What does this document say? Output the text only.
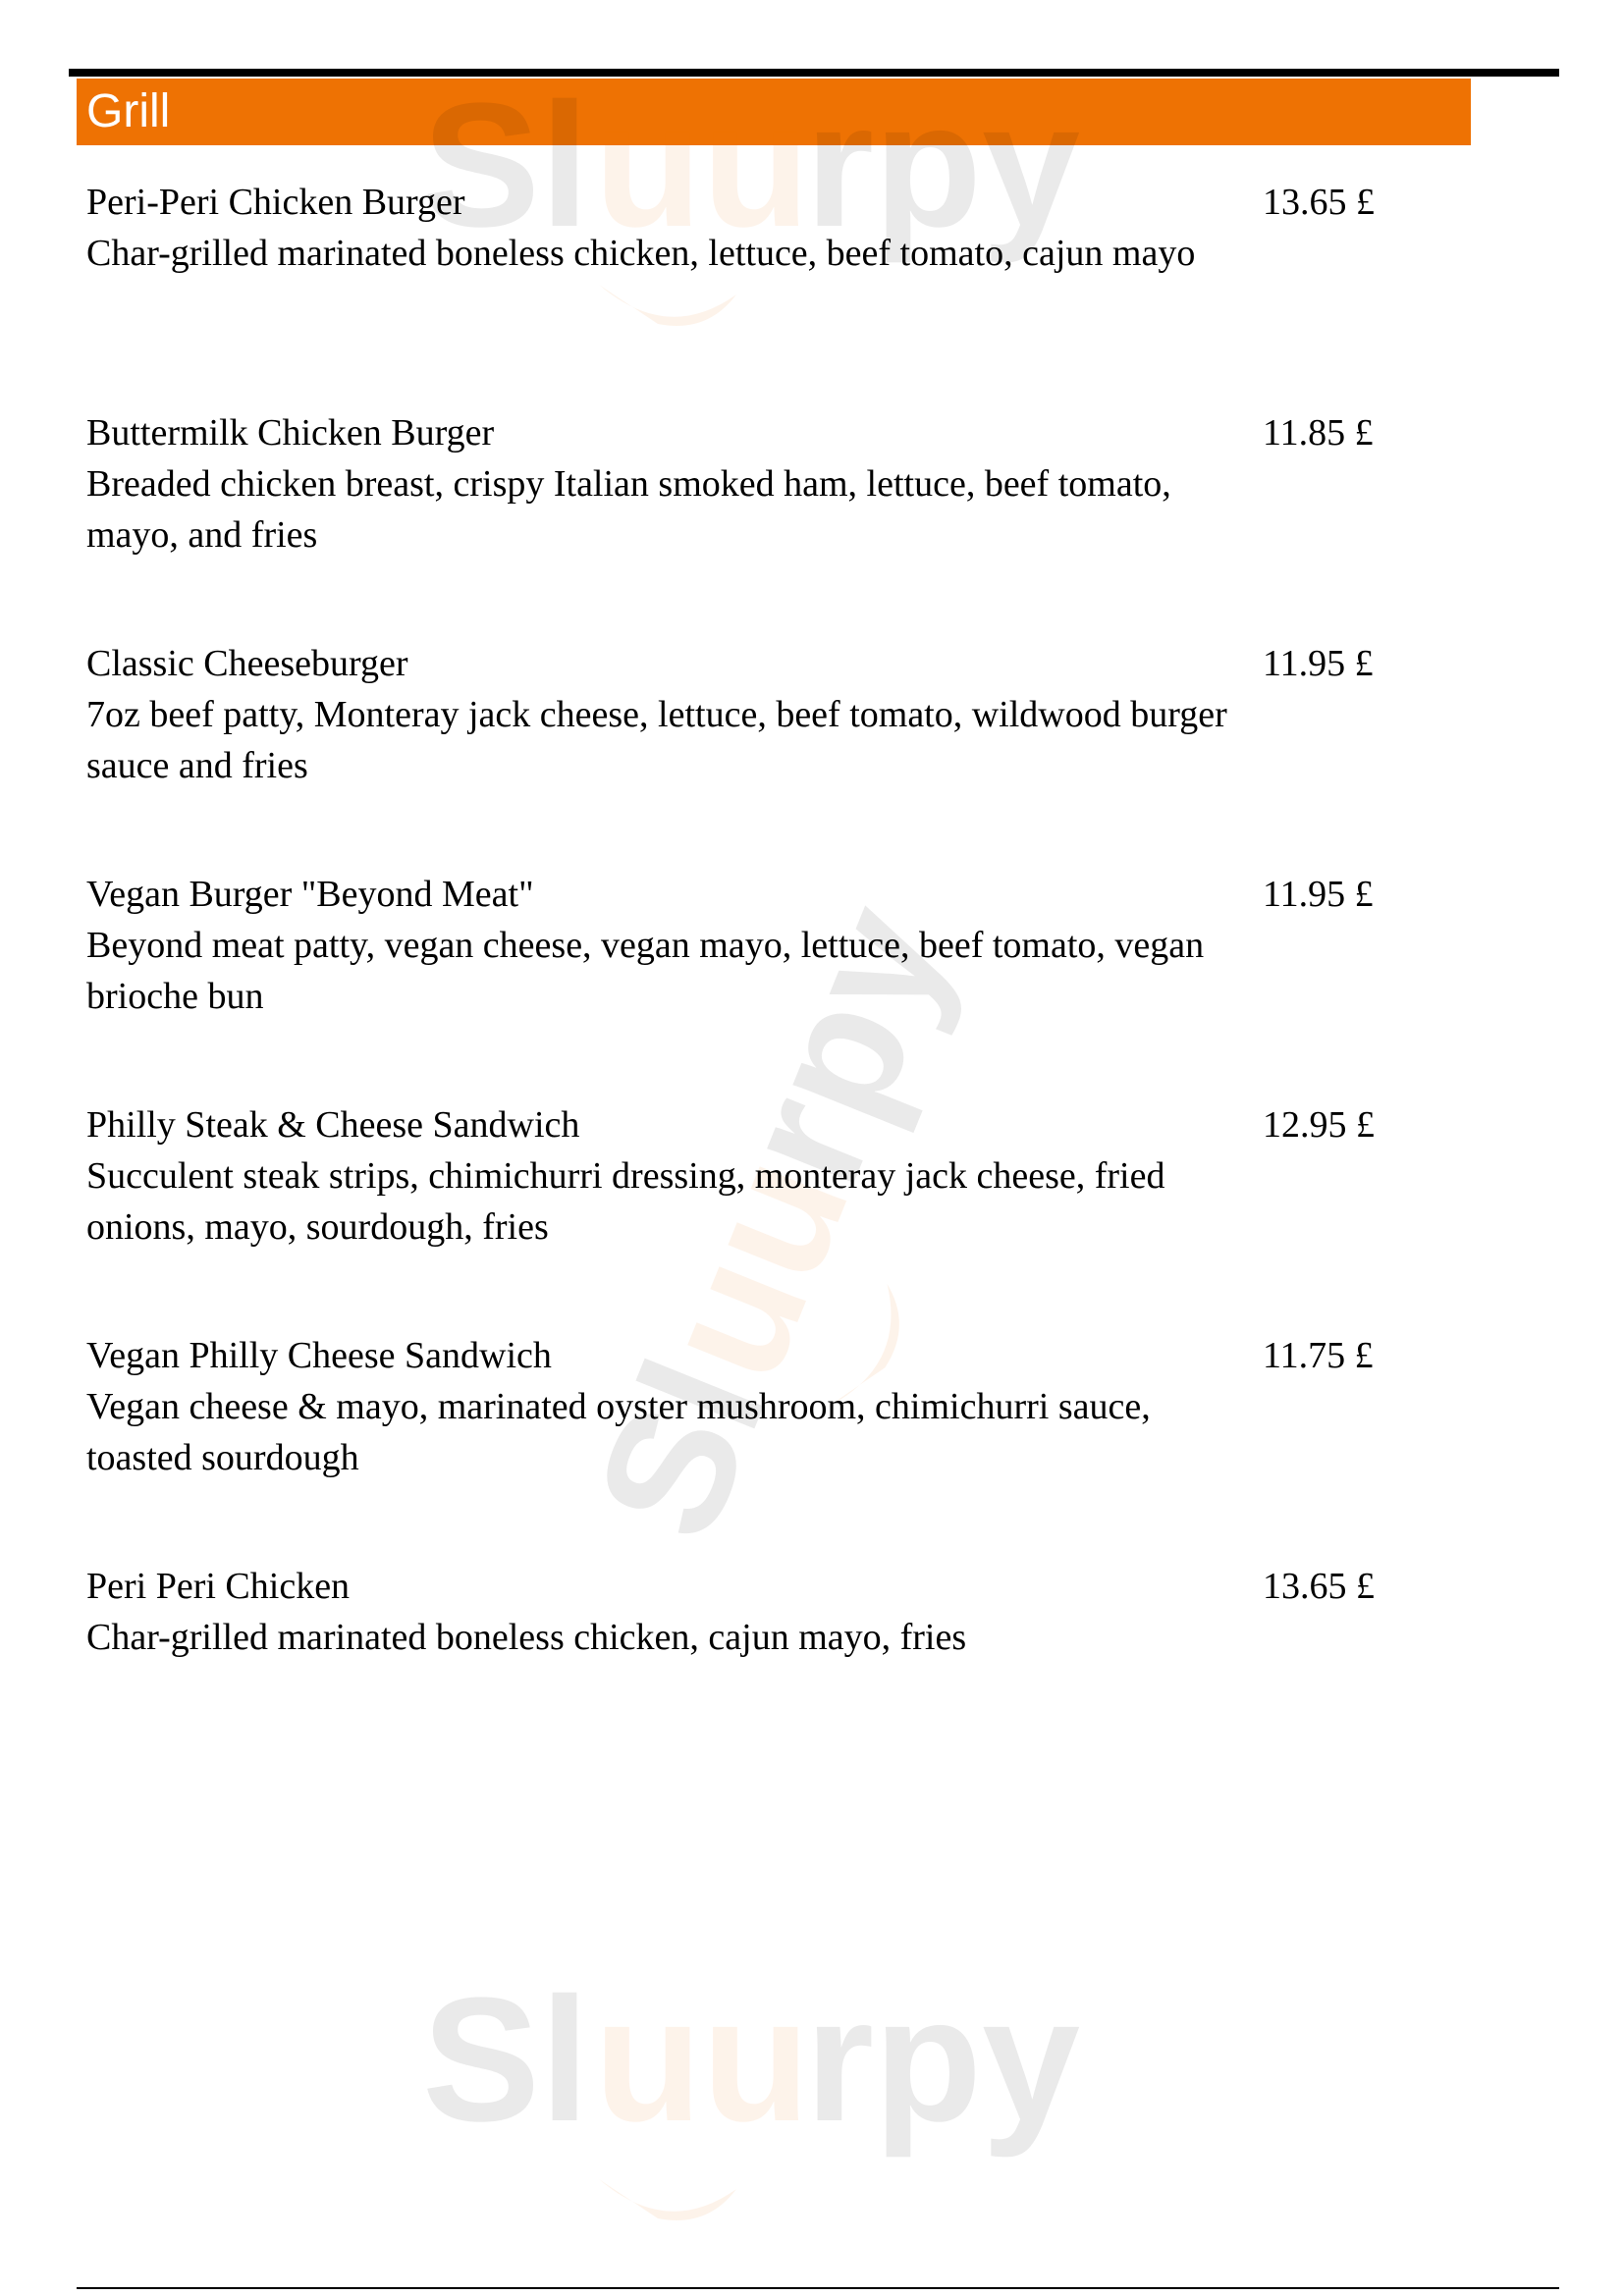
Grill	Sl uu
rpy
Sl
uu
rpy
Sl uu
rpy
Peri-Peri Chicken Burger
Char-grilled marinated boneless chicken, lettuce, beef tomato, cajun mayo
13.65 £
Buttermilk Chicken Burger
Breaded chicken breast, crispy Italian smoked ham, lettuce, beef tomato, mayo, and fries
11.85 £
Classic Cheeseburger
7oz beef patty, Monteray jack cheese, lettuce, beef tomato, wildwood burger sauce and fries
11.95 £
Vegan Burger "Beyond Meat"
Beyond meat patty, vegan cheese, vegan mayo, lettuce, beef tomato, vegan brioche bun
11.95 £
Philly Steak & Cheese Sandwich
Succulent steak strips, chimichurri dressing, monteray jack cheese, fried onions, mayo, sourdough, fries
12.95 £
Vegan Philly Cheese Sandwich
Vegan cheese & mayo, marinated oyster mushroom, chimichurri sauce, toasted sourdough
11.75 £
Peri Peri Chicken
Char-grilled marinated boneless chicken, cajun mayo, fries
13.65 £
